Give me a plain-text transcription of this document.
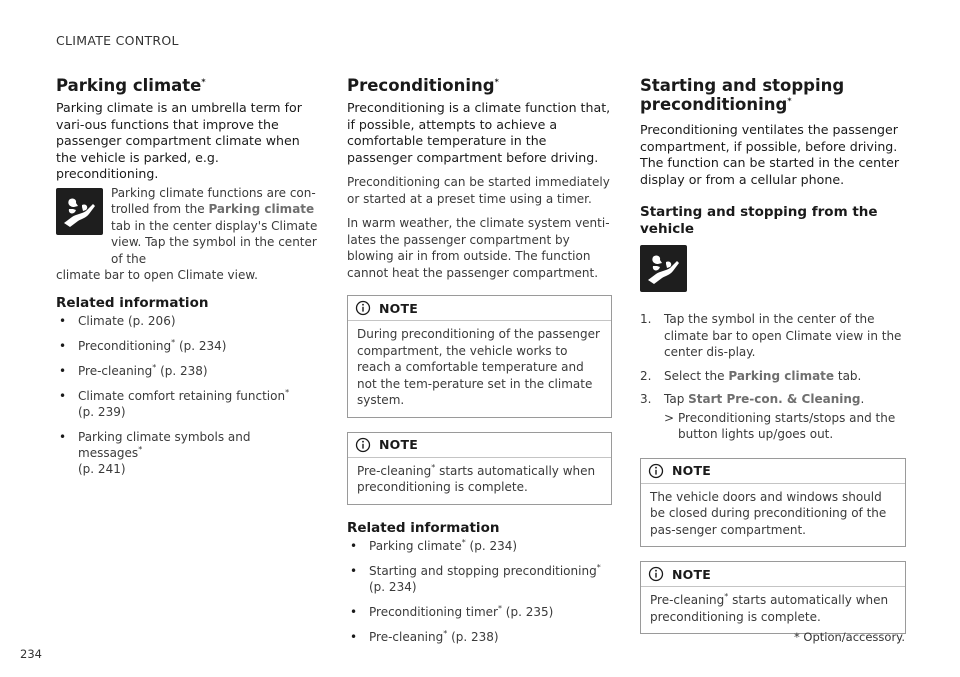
CLIMATE CONTROL
Parking climate*

Parking climate is an umbrella term for vari-ous functions that improve the passenger compartment climate when the vehicle is parked, e.g. preconditioning.

Parking climate functions are con-trolled from the Parking climate tab in the center display's Climate view. Tap the symbol in the center of the

climate bar to open Climate view.

Related information
• Climate (p. 206)
• Preconditioning* (p. 234)
• Pre-cleaning* (p. 238)
• Climate comfort retaining function*
(p. 239)
• Parking climate symbols and messages*
(p. 241)
Preconditioning*

Preconditioning is a climate function that, if possible, attempts to achieve a comfortable temperature in the passenger compartment before driving.

Preconditioning can be started immediately or started at a preset time using a timer.

In warm weather, the climate system venti-lates the passenger compartment by blowing air in from outside. The function cannot heat the passenger compartment.

NOTE
During preconditioning of the passenger compartment, the vehicle works to reach a comfortable temperature and not the tem-perature set in the climate system.
NOTE
Pre-cleaning* starts automatically when preconditioning is complete.
Related information
• Parking climate* (p. 234)
• Starting and stopping preconditioning*
(p. 234)
• Preconditioning timer* (p. 235)
• Pre-cleaning* (p. 238)
Starting and stopping
preconditioning*

Preconditioning ventilates the passenger compartment, if possible, before driving. The function can be started in the center display or from a cellular phone.

Starting and stopping from the vehicle
1. Tap the symbol in the center of the climate bar to open Climate view in the center dis-play.
2. Select the Parking climate tab.
3. Tap Start Pre-con. & Cleaning.
> Preconditioning starts/stops and the button lights up/goes out.
NOTE
The vehicle doors and windows should be closed during preconditioning of the pas-senger compartment.
NOTE
Pre-cleaning* starts automatically when preconditioning is complete.
* Option/accessory.
234
